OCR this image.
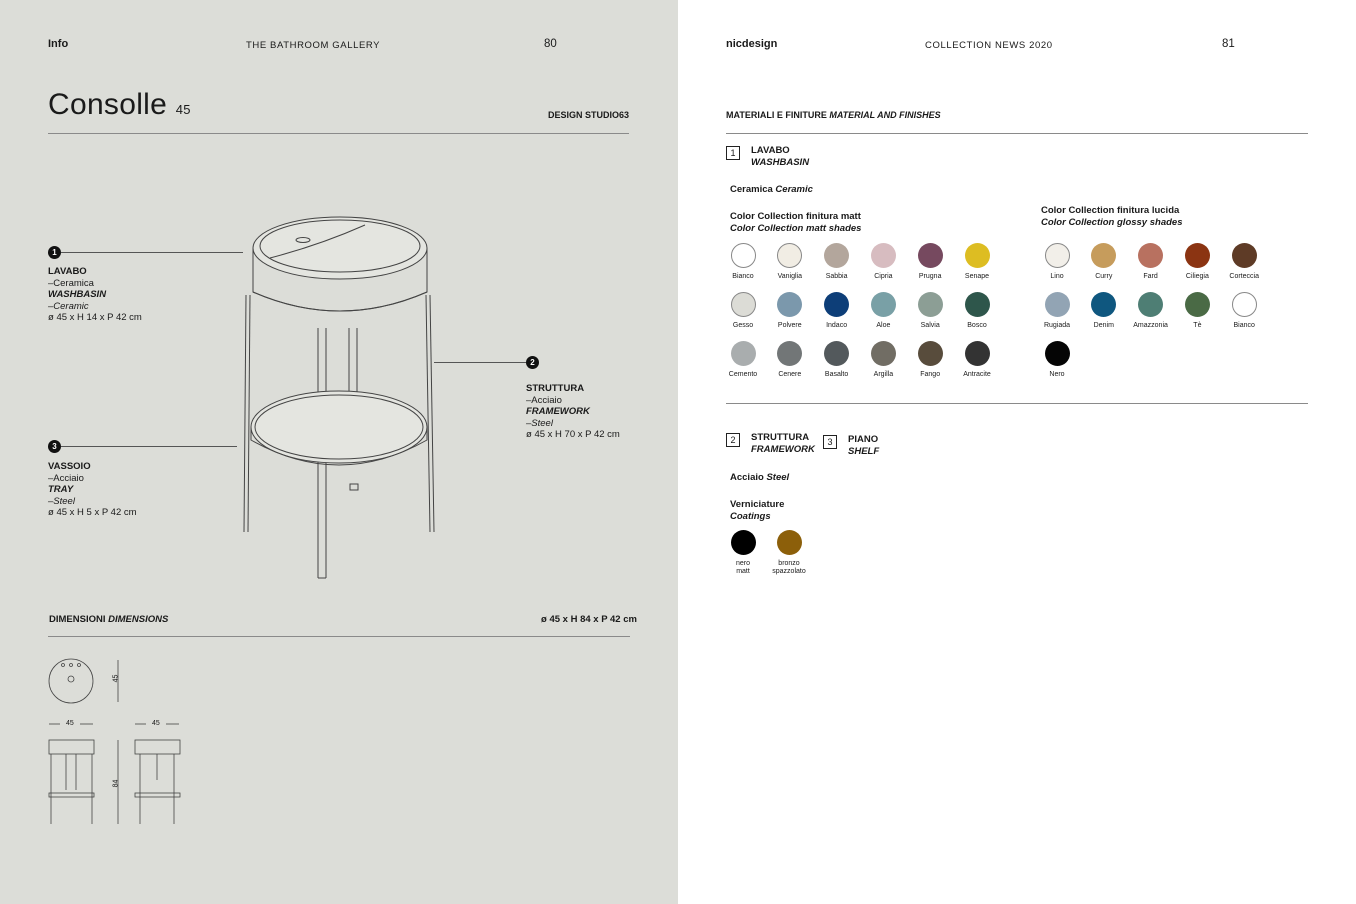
Info	THE BATHROOM GALLERY	80
Consolle 45	DESIGN STUDIO63
1
LAVABO
–Ceramica
WASHBASIN
–Ceramic
ø 45 x H 14 x P 42 cm
2
STRUTTURA
–Acciaio
FRAMEWORK
–Steel
ø 45 x H 70 x P 42 cm
3
VASSOIO
–Acciaio
TRAY
–Steel
ø 45 x H 5 x P 42 cm
DIMENSIONI DIMENSIONS	ø 45 x H 84 x P 42 cm
45
45	45
84
nicdesign	COLLECTION NEWS 2020	81
MATERIALI E FINITURE MATERIAL AND FINISHES
1	LAVABO
WASHBASIN
Ceramica Ceramic
Color Collection finitura matt
Color Collection matt shades
Color Collection finitura lucida
Color Collection glossy shades
Bianco	Vaniglia	Sabbia	Cipria	Prugna	Senape
Gesso	Polvere	Indaco	Aloe	Salvia	Bosco
Cemento	Cenere	Basalto	Argilla	Fango	Antracite
Lino	Curry	Fard	Ciliegia	Corteccia
Rugiada	Denim	Amazzonia	Tè	Bianco
Nero
2	STRUTTURA
FRAMEWORK
3	PIANO
SHELF
Acciaio Steel
Verniciature
Coatings
nero
matt
bronzo
spazzolato
